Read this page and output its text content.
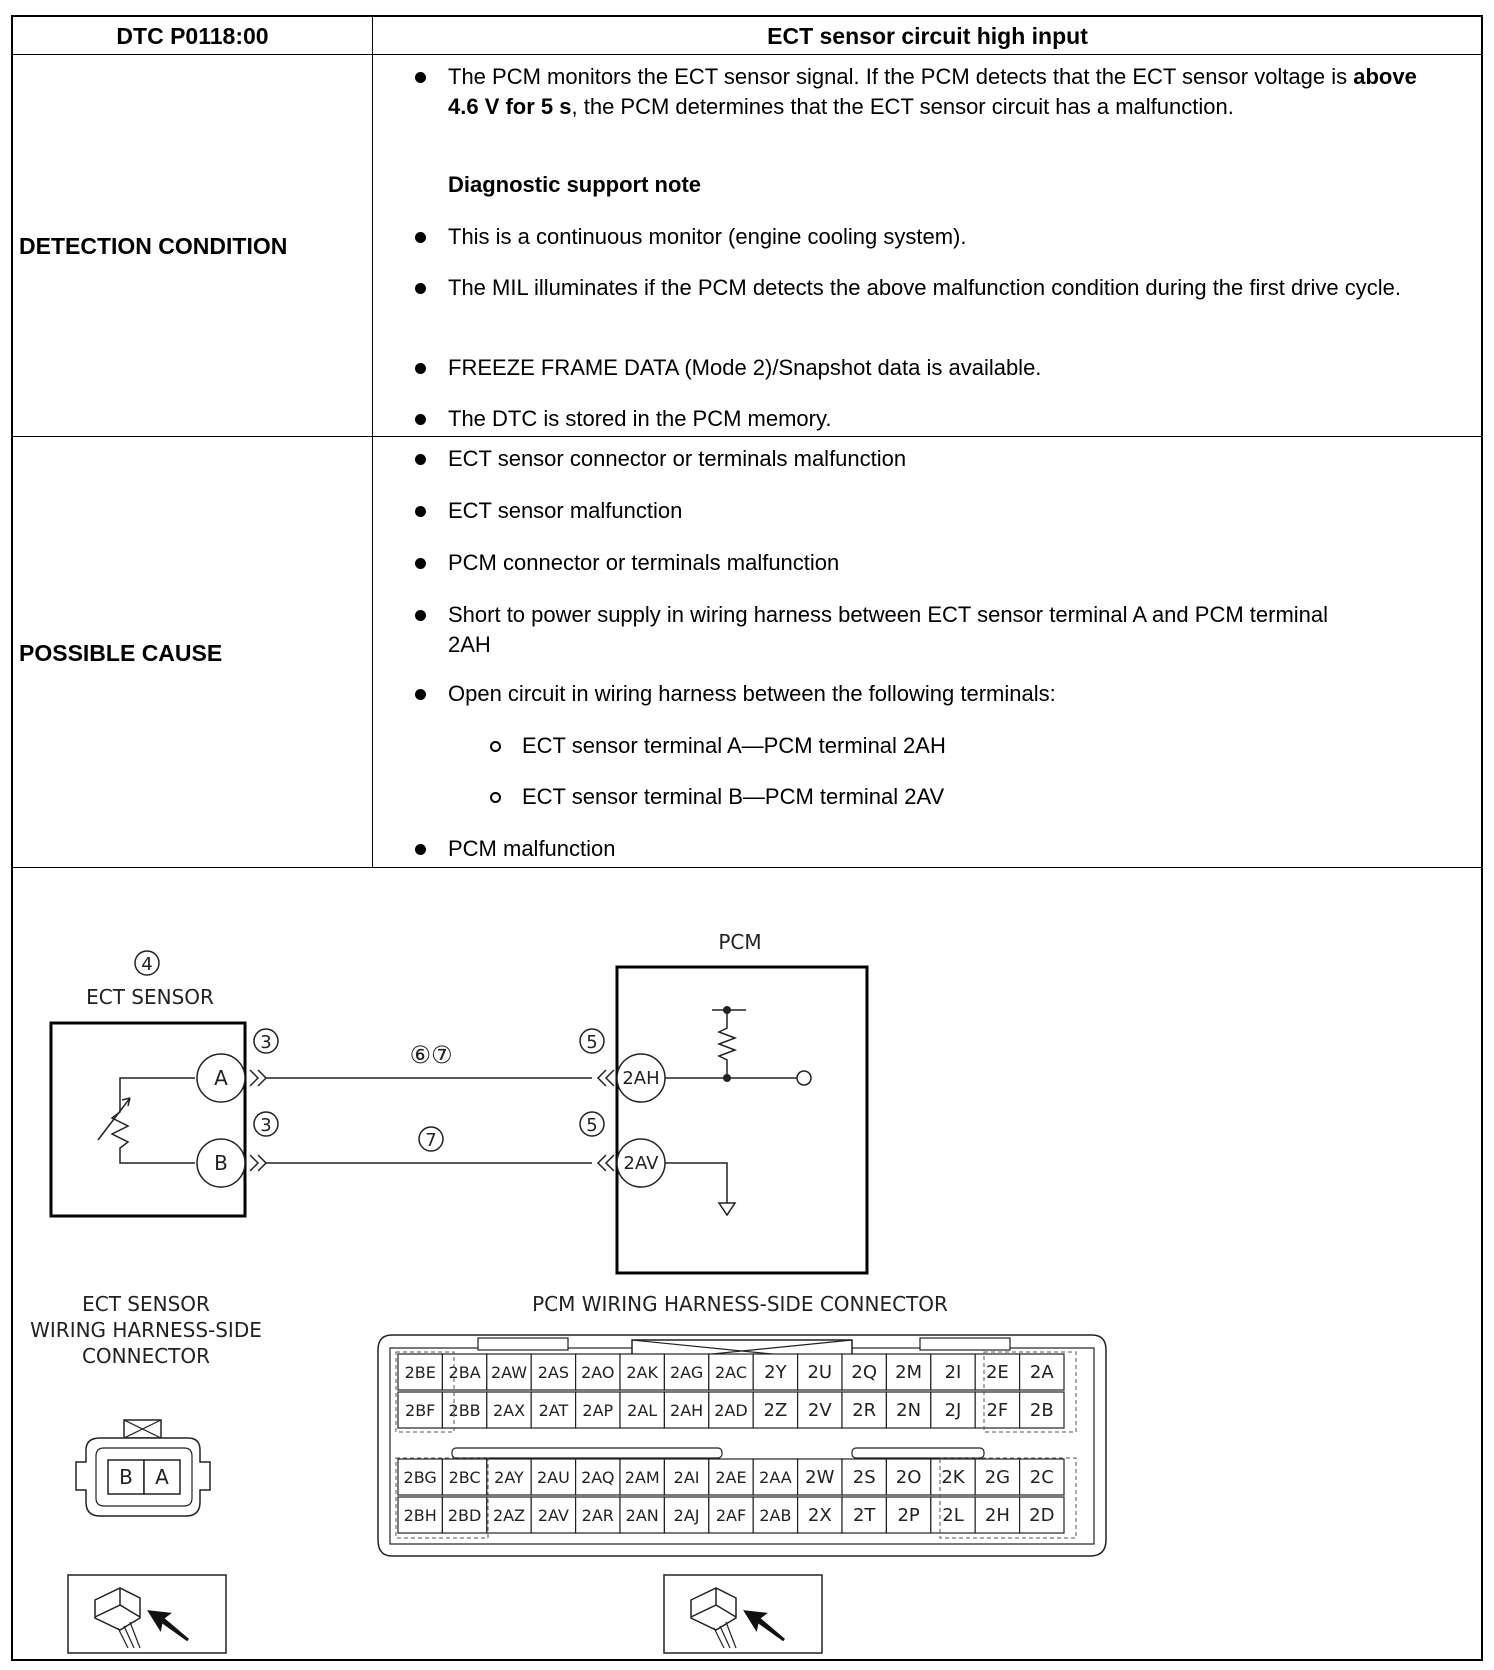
DTC P0118:00	ECT sensor circuit high input
DETECTION CONDITION
The PCM monitors the ECT sensor signal. If the PCM detects that the ECT sensor voltage is above 4.6 V for 5 s, the PCM determines that the ECT sensor circuit has a malfunction.
Diagnostic support note
This is a continuous monitor (engine cooling system).
The MIL illuminates if the PCM detects the above malfunction condition during the first drive cycle.
FREEZE FRAME DATA (Mode 2)/Snapshot data is available.
The DTC is stored in the PCM memory.
POSSIBLE CAUSE
ECT sensor connector or terminals malfunction
ECT sensor malfunction
PCM connector or terminals malfunction
Short to power supply in wiring harness between ECT sensor terminal A and PCM terminal 2AH
Open circuit in wiring harness between the following terminals:
ECT sensor terminal A—PCM terminal 2AH
ECT sensor terminal B—PCM terminal 2AV
PCM malfunction
4
ECT SENSOR
A
B
3
3
⑥⑦
7
5
5
PCM
2AH
2AV
ECT SENSOR
WIRING HARNESS-SIDE
CONNECTOR
B A
PCM WIRING HARNESS-SIDE CONNECTOR
2BE 2BA 2AW 2AS 2AO 2AK 2AG 2AC 2Y 2U 2Q 2M 2I 2E 2A
2BF 2BB 2AX 2AT 2AP 2AL 2AH 2AD 2Z 2V 2R 2N 2J 2F 2B
2BG 2BC 2AY 2AU 2AQ 2AM 2AI 2AE 2AA 2W 2S 2O 2K 2G 2C
2BH 2BD 2AZ 2AV 2AR 2AN 2AJ 2AF 2AB 2X 2T 2P 2L 2H 2D
